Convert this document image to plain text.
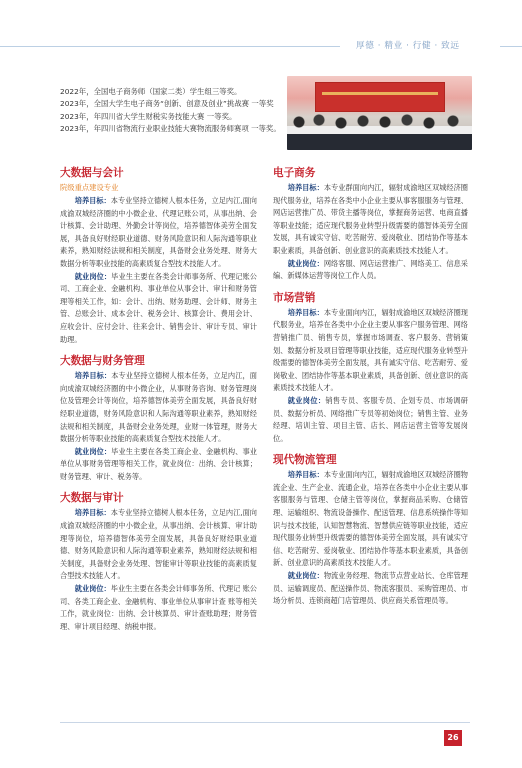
厚德 · 精业 · 行健 · 致远
2022年，全国电子商务师（国家二类）学生组三等奖。
2023年，全国大学生电子商务“创新、创意及创业”挑战赛 一等奖
2023年，年四川省大学生财税实务技能大赛 一等奖。
2023年，年四川省物流行业职业技能大赛物流服务师赛项 一等奖。
大数据与会计
院级重点建设专业

培养目标：本专业坚持立德树人根本任务，立足内江,面向成渝双城经济圈的中小微企业、代理记账公司，从事出纳、会计核算、会计助理、外勤会计等岗位，培养德智体美劳全面发展，具备良好财经职业道德、财务风险意识和人际沟通等职业素养，熟知财经法规和相关制度，具备财会业务处理、财务大数据分析等职业技能的高素质复合型技术技能人才。

就业岗位：毕业生主要在各类会计师事务所、代理记账公司、工商企业、金融机构、事业单位从事会计、审计和财务管理等相关工作，如：会计、出纳、财务助理、会计师、财务主管、总账会计、成本会计、税务会计、核算会计、费用会计、应收会计、应付会计、往来会计、销售会计、审计专员、审计助理。

大数据与财务管理

培养目标：本专业坚持立德树人根本任务，立足内江，面向成渝双城经济圈的中小微企业，从事财务咨询、财务管理岗位及管理会计等岗位，培养德智体美劳全面发展，具备良好财经职业道德，财务风险意识和人际沟通等职业素养，熟知财经法规和相关制度，具备财会业务处理，业财一体管理，财务大数据分析等职业技能的高素质复合型技术技能人才。

就业岗位：毕业生主要在各类工商企业、金融机构、事业单位从事财务管理等相关工作，就业岗位：出纳、会计核算；财务管理、审计、税务等。

大数据与审计

培养目标：本专业坚持立德树人根本任务，立足内江,面向成渝双城经济圈的中小微企业，从事出纳、会计核算、审计助理等岗位，培养德智体美劳全面发展，具备良好财经职业道德、财务风险意识和人际沟通等职业素养，熟知财经法规和相关制度，具备财会业务处理、智能审计等职业技能的高素质复合型技术技能人才。

就业岗位：毕业生主要在各类会计师事务所、代理记 账公司、各类工商企业、金融机构、事业单位从事审计查 账等相关工作，就业岗位：出纳、会计核算员、审计查账助理；财务管理、审计项目经理、纳税申报。

电子商务

培养目标：本专业群面向内江，辐射成渝地区双城经济圈现代服务业，培养在各类中小企业主要从事客服服务与管理、网店运营推广员、带货主播等岗位，掌握商务运营、电商直播等职业技能；适应现代服务业转型升级需要的德智体美劳全面发展，具有诚实守信、吃苦耐劳、爱岗敬业、团结协作等基本职业素质，具备创新、创业意识的高素质技术技能人才。

就业岗位：网络客服、网店运营推广、网络美工、信息采编、新媒体运营等岗位工作人员。

市场营销

培养目标：本专业面向内江，辐射成渝地区双城经济圈现代服务业，培养在各类中小企业主要从事客户服务管理、网络营销推广员、销售专员，掌握市场调查、客户服务、营销策划、数据分析及项目管理等职业技能，适应现代服务业转型升级需要的德智体美劳全面发展，具有诚实守信、吃苦耐劳、爱岗敬业、团结协作等基本职业素质，具备创新、创业意识的高素质技术技能人才。

就业岗位：销售专员、客服专员、企划专员、市场调研员、数据分析员、网络推广专员等初始岗位；销售主管、业务经理、培训主管、项目主管、店长、网店运营主管等发展岗位。

现代物流管理

培养目标：本专业面向内江，辐射成渝地区双城经济圈物流企业、生产企业、流通企业，培养在各类中小企业主要从事客服服务与管理、仓储主管等岗位，掌握商品采购、仓储管理、运输组织、物流设备操作、配送管理、信息系统操作等知识与技术技能，认知智慧物流、智慧供应链等职业技能，适应现代服务业转型升级需要的德智体美劳全面发展，具有诚实守信、吃苦耐劳、爱岗敬业、团结协作等基本职业素质，具备创新、创业意识的高素质技术技能人才。

就业岗位：物流业务经理、物流节点营业站长、仓库管理员、运输调度员、配送操作员、物流客服员、采购管理员、市场分析员、连锁商超门店管理员、供应商关系管理员等。

26
